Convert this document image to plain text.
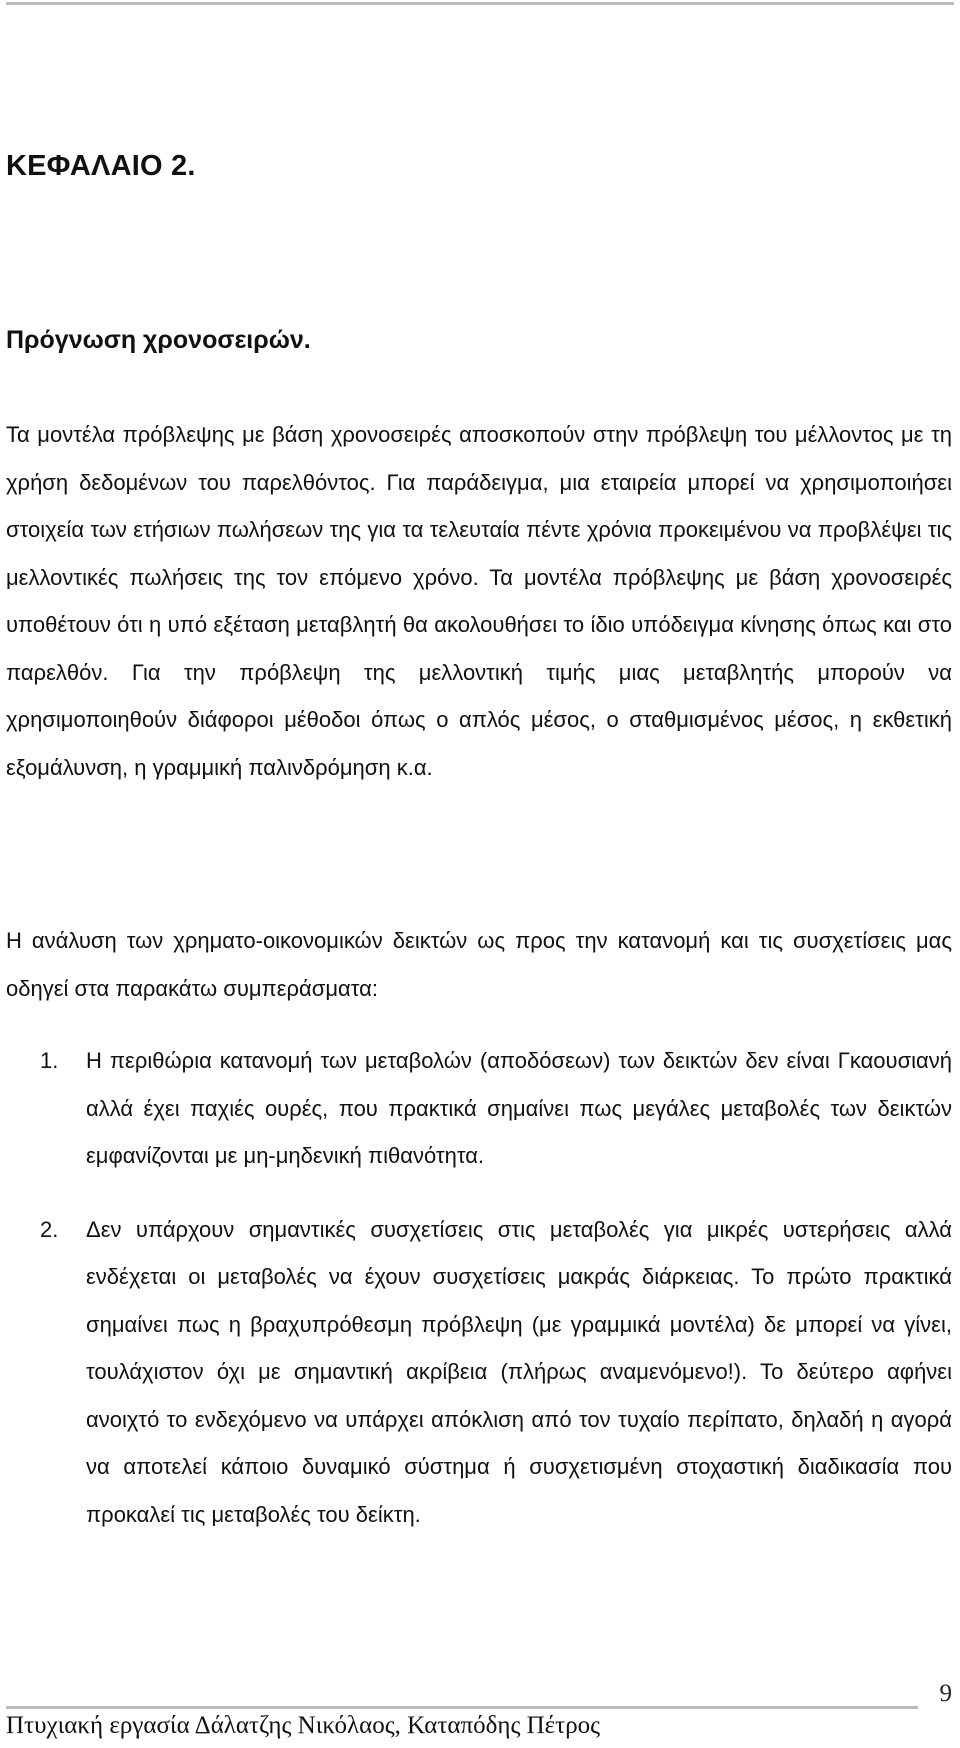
ΚΕΦΑΛΑΙΟ 2.
Πρόγνωση χρονοσειρών.

Τα μοντέλα πρόβλεψης με βάση χρονοσειρές αποσκοπούν στην πρόβλεψη του μέλλοντος με τη χρήση δεδομένων του παρελθόντος. Για παράδειγμα, μια εταιρεία μπορεί να χρησιμοποιήσει στοιχεία των ετήσιων πωλήσεων της για τα τελευταία πέντε χρόνια προκειμένου να προβλέψει τις μελλοντικές πωλήσεις της τον επόμενο χρόνο. Τα μοντέλα πρόβλεψης με βάση χρονοσειρές υποθέτουν ότι η υπό εξέταση μεταβλητή θα ακολουθήσει το ίδιο υπόδειγμα κίνησης όπως και στο παρελθόν. Για την πρόβλεψη της μελλοντική τιμής μιας μεταβλητής μπορούν να χρησιμοποιηθούν διάφοροι μέθοδοι όπως ο απλός μέσος, ο σταθμισμένος μέσος, η εκθετική εξομάλυνση, η γραμμική παλινδρόμηση κ.α.

Η ανάλυση των χρηματο-οικονομικών δεικτών ως προς την κατανομή και τις συσχετίσεις μας οδηγεί στα παρακάτω συμπεράσματα:

1. Η περιθώρια κατανομή των μεταβολών (αποδόσεων) των δεικτών δεν είναι Γκαουσιανή αλλά έχει παχιές ουρές, που πρακτικά σημαίνει πως μεγάλες μεταβολές των δεικτών εμφανίζονται με μη-μηδενική πιθανότητα.
2. Δεν υπάρχουν σημαντικές συσχετίσεις στις μεταβολές για μικρές υστερήσεις αλλά ενδέχεται οι μεταβολές να έχουν συσχετίσεις μακράς διάρκειας. Το πρώτο πρακτικά σημαίνει πως η βραχυπρόθεσμη πρόβλεψη (με γραμμικά μοντέλα) δε μπορεί να γίνει, τουλάχιστον όχι με σημαντική ακρίβεια (πλήρως αναμενόμενο!). Το δεύτερο αφήνει ανοιχτό το ενδεχόμενο να υπάρχει απόκλιση από τον τυχαίο περίπατο, δηλαδή η αγορά να αποτελεί κάποιο δυναμικό σύστημα ή συσχετισμένη στοχαστική διαδικασία που προκαλεί τις μεταβολές του δείκτη.
9
Πτυχιακή εργασία Δάλατζης Νικόλαος, Καταπόδης Πέτρος
